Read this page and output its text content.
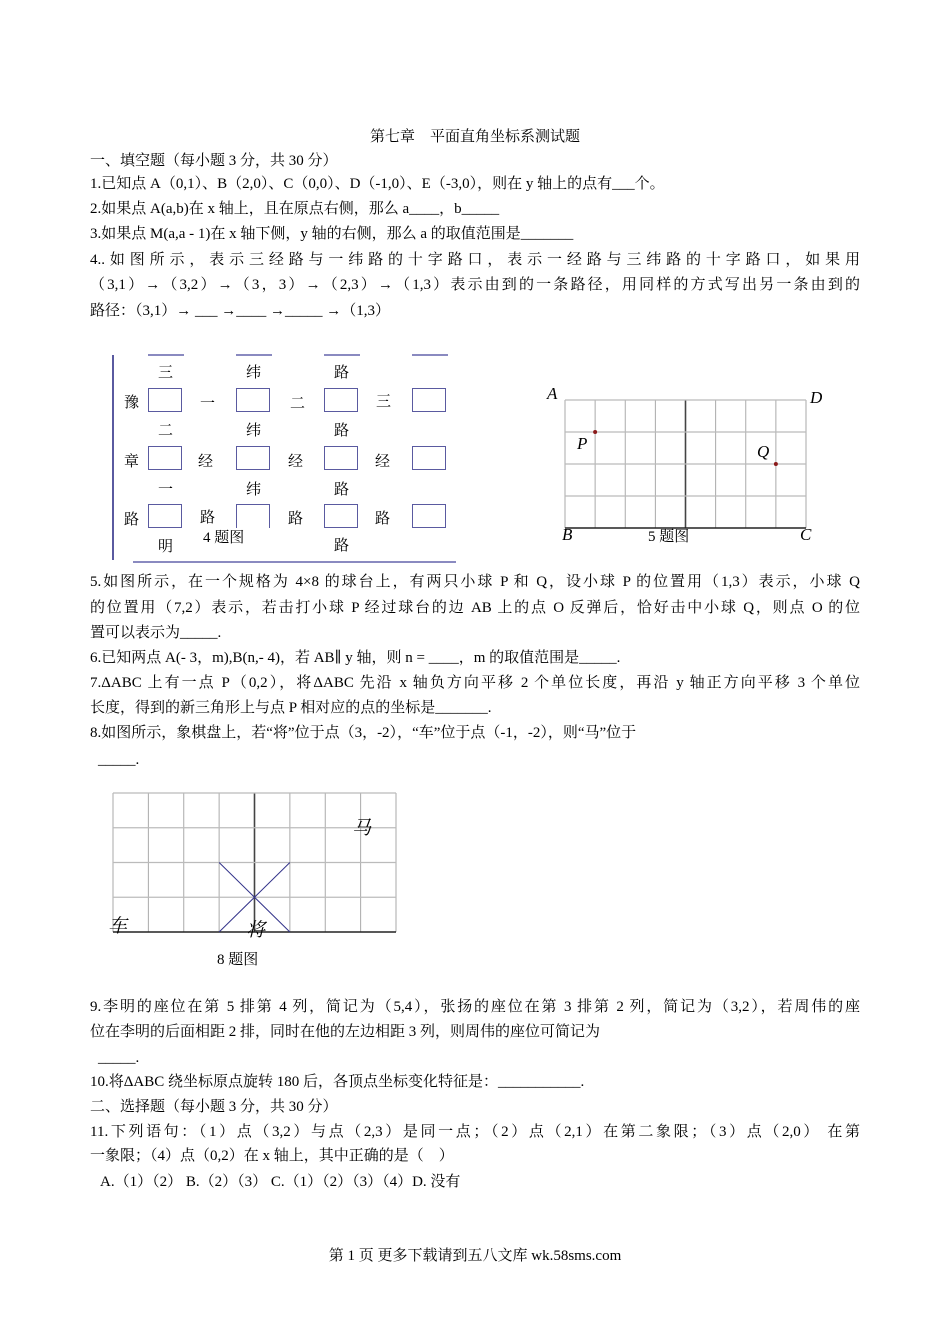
第七章　平面直角坐标系测试题
一、填空题（每小题 3 分，共 30 分）
1.已知点 A（0,1）、B（2,0）、C（0,0）、D（-1,0）、E（-3,0），则在 y 轴上的点有___个。
2.如果点 A(a,b)在 x 轴上，且在原点右侧，那么 a____，b_____
3.如果点 M(a,a - 1)在 x 轴下侧，y 轴的右侧，那么 a 的取值范围是_______
4..如图所示，表示三经路与一纬路的十字路口，表示一经路与三纬路的十字路口，如果用
（3,1）→（3,2）→（3，3）→（2,3）→（1,3）表示由到的一条路径，用同样的方式写出另一条由到的
路径：（3,1）→ ___ →____ →_____ →（1,3）
豫
章
路
三	纬	路
一	二	三
二	纬	路
经	经	经
一	纬	路
路	路	路
明	路
4 题图
A	D
B	C
P	Q
5 题图
5.如图所示，在一个规格为 4×8 的球台上，有两只小球 P 和 Q，设小球 P 的位置用（1,3）表示，小球 Q
的位置用（7,2）表示，若击打小球 P 经过球台的边 AB 上的点 O 反弹后，恰好击中小球 Q，则点 O 的位
置可以表示为_____.
6.已知两点 A(- 3，m),B(n,- 4)，若 AB∥ y 轴，则 n = ____，m 的取值范围是_____.
7.ΔABC 上有一点 P（0,2），将ΔABC 先沿 x 轴负方向平移 2 个单位长度，再沿 y 轴正方向平移 3 个单位
长度，得到的新三角形上与点 P 相对应的点的坐标是_______.
8.如图所示，象棋盘上，若“将”位于点（3，-2），“车”位于点（-1，-2），则“马”位于
_____.
马
车	将
8 题图
9.李明的座位在第 5 排第 4 列，简记为（5,4），张扬的座位在第 3 排第 2 列，简记为（3,2），若周伟的座
位在李明的后面相距 2 排，同时在他的左边相距 3 列，则周伟的座位可简记为
_____.
10.将ΔABC 绕坐标原点旋转 180 后，各顶点坐标变化特征是：___________.
二、选择题（每小题 3 分，共 30 分）
11.下列语句：（1）点（3,2）与点（2,3）是同一点；（2）点（2,1）在第二象限；（3）点（2,0） 在第
一象限；（4）点（0,2）在 x 轴上，其中正确的是（　）
A.（1）（2） B.（2）（3） C.（1）（2）（3）（4）D. 没有
第 1 页 更多下载请到五八文库 wk.58sms.com
